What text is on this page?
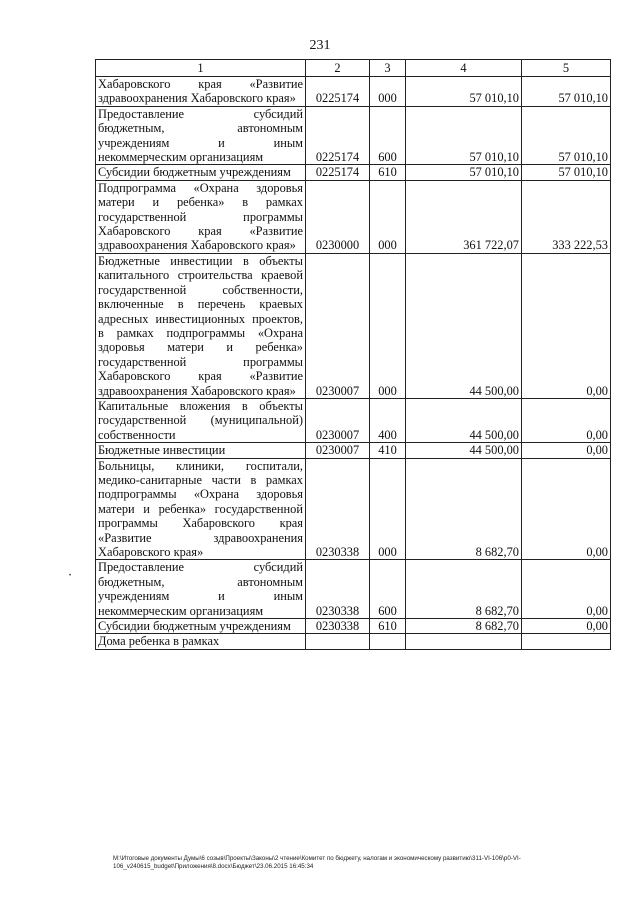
231
1	2	3	4	5
Хабаровского края «Развитие здравоохранения Хабаровского края»	0225174	000	57 010,10	57 010,10
Предоставление субсидий бюджетным, автономным учреждениям и иным некоммерческим организациям	0225174	600	57 010,10	57 010,10
Субсидии бюджетным учреждениям	0225174	610	57 010,10	57 010,10
Подпрограмма «Охрана здоровья матери и ребенка» в рамках государственной программы Хабаровского края «Развитие здравоохранения Хабаровского края»	0230000	000	361 722,07	333 222,53
Бюджетные инвестиции в объекты капитального строительства краевой государственной собственности, включенные в перечень краевых адресных инвестиционных проектов, в рамках подпрограммы «Охрана здоровья матери и ребенка» государственной программы Хабаровского края «Развитие здравоохранения Хабаровского края»	0230007	000	44 500,00	0,00
Капитальные вложения в объекты государственной (муниципальной) собственности	0230007	400	44 500,00	0,00
Бюджетные инвестиции	0230007	410	44 500,00	0,00
Больницы, клиники, госпитали, медико-санитарные части в рамках подпрограммы «Охрана здоровья матери и ребенка» государственной программы Хабаровского края «Развитие здравоохранения Хабаровского края»	0230338	000	8 682,70	0,00
Предоставление субсидий бюджетным, автономным учреждениям и иным некоммерческим организациям	0230338	600	8 682,70	0,00
Субсидии бюджетным учреждениям	0230338	610	8 682,70	0,00
Дома ребенка в рамках				
•
M:\Итоговые документы Думы\6 созыв\Проекты\Законы\2 чтение\Комитет по бюджету, налогам и экономическому развитию\311-VI-106\р0-VI-106_v240615_budget\Приложения\8.docx\Бюджет\23.06.2015 16:45:34
